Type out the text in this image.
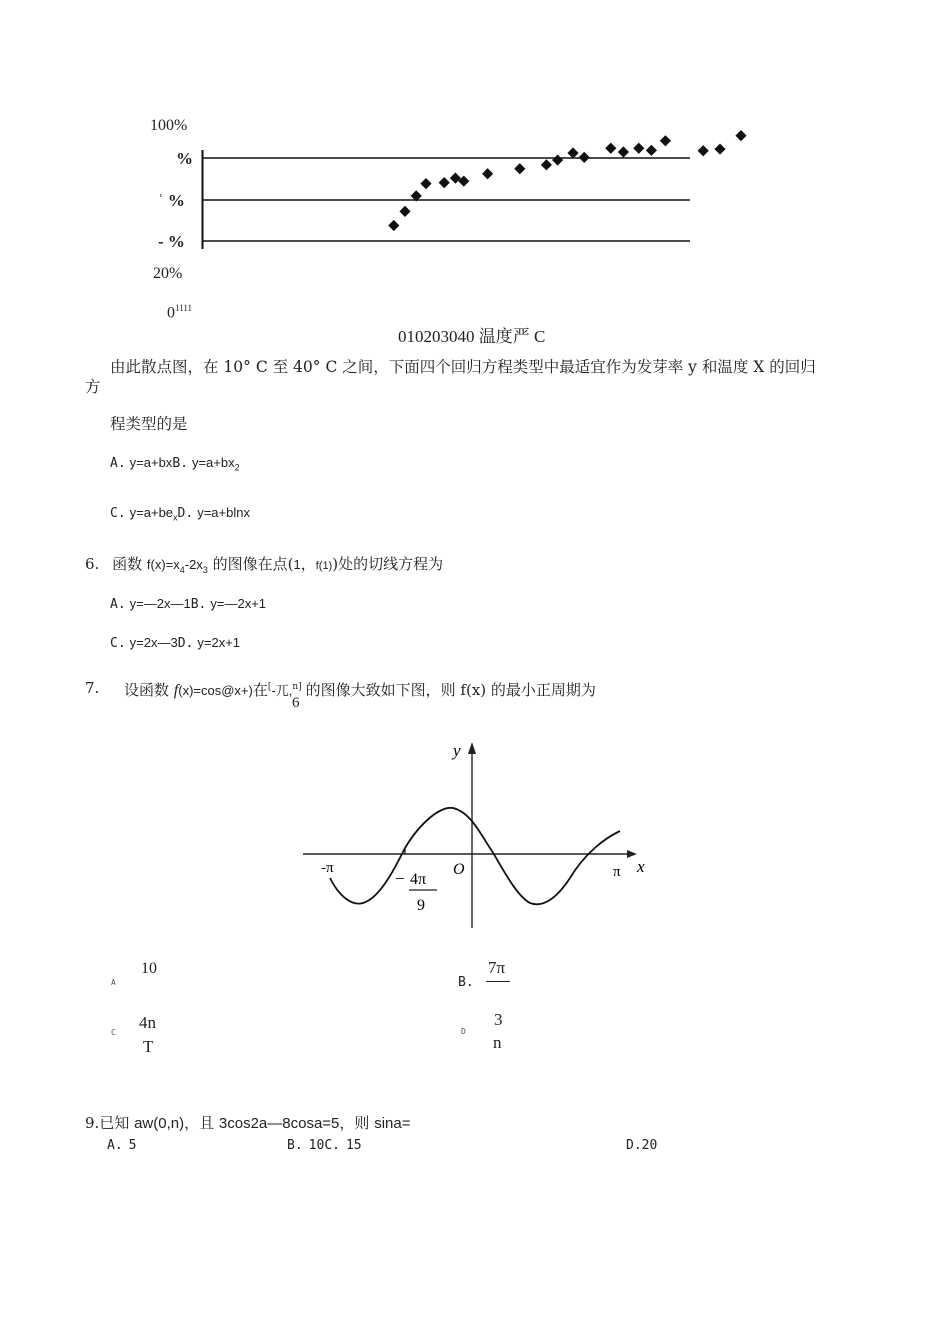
100%
%
ʿ %
- %
20%
$0^{1111}$
010203040 温度严 C
由此散点图，在 10° C 至 40° C 之间，下面四个回归方程类型中最适宜作为发芽率 y 和温度 X 的回归
方
程类型的是
A. y=a+bxB. $y=a+bx_2$
C. $y=a+be_xD$. y=a+blnx
6. 函数 $f(x)=x_4-2x_3$ 的图像在点(1，f(1))处的切线方程为
A. y=—2x—1B. y=—2x+1
C. y=2x—3D. y=2x+1
7. 设函数 f(x)=cos@x+)在[-兀,$^{n]}$ 的图像大致如下图，则 f(x) 的最小正周期为
6
y
x
O
-π	π
− 4π
9
A
10
B.
7π
C
4n
T
D
3
n
9.已知 aw(0,n)，且 3cos2a—8cosa=5，则 sina=
A. 5	B. 10C. 15	D.20
